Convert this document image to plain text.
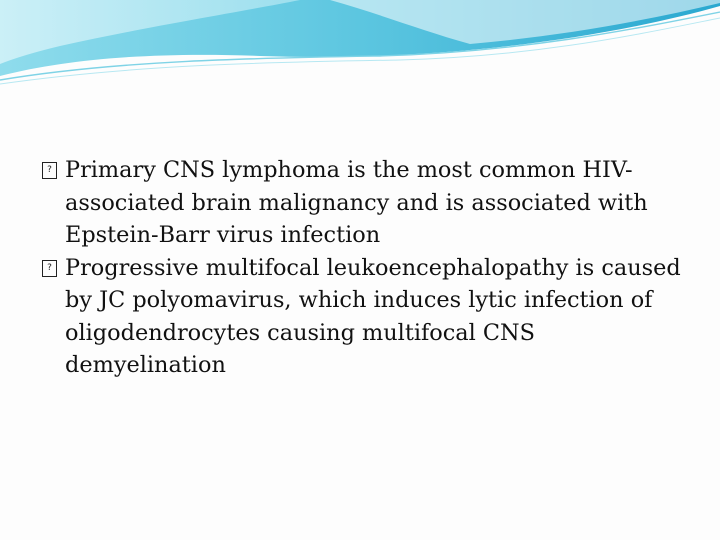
? Primary CNS lymphoma is the most common HIV-associated brain malignancy and is associated with Epstein-Barr virus infection
? Progressive multifocal leukoencephalopathy is caused by JC polyomavirus, which induces lytic infection of oligodendrocytes causing multifocal CNS demyelination
